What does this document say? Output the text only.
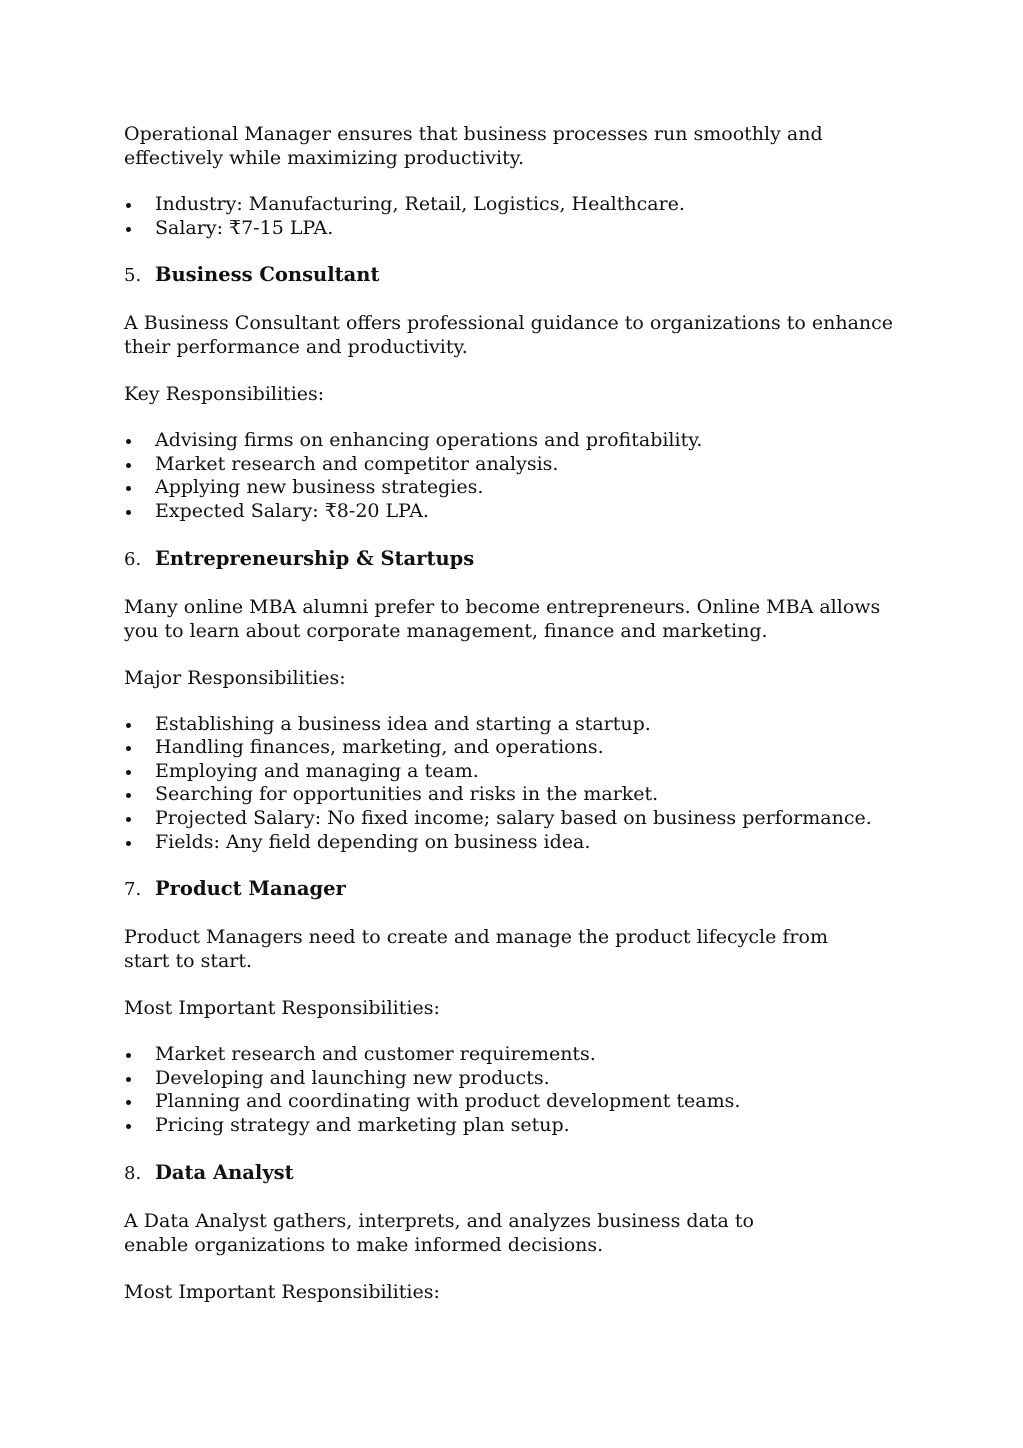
Operational Manager ensures that business processes run smoothly and effectively while maximizing productivity.

Industry: Manufacturing, Retail, Logistics, Healthcare.
Salary: ₹7-15 LPA.
5. Business Consultant

A Business Consultant offers professional guidance to organizations to enhance their performance and productivity.

Key Responsibilities:

Advising firms on enhancing operations and profitability.
Market research and competitor analysis.
Applying new business strategies.
Expected Salary: ₹8-20 LPA.
6. Entrepreneurship & Startups

Many online MBA alumni prefer to become entrepreneurs. Online MBA allows you to learn about corporate management, finance and marketing.

Major Responsibilities:

Establishing a business idea and starting a startup.
Handling finances, marketing, and operations.
Employing and managing a team.
Searching for opportunities and risks in the market.
Projected Salary: No fixed income; salary based on business performance.
Fields: Any field depending on business idea.
7. Product Manager

Product Managers need to create and manage the product lifecycle from start to start.

Most Important Responsibilities:

Market research and customer requirements.
Developing and launching new products.
Planning and coordinating with product development teams.
Pricing strategy and marketing plan setup.
8. Data Analyst

A Data Analyst gathers, interprets, and analyzes business data to enable organizations to make informed decisions.

Most Important Responsibilities:
